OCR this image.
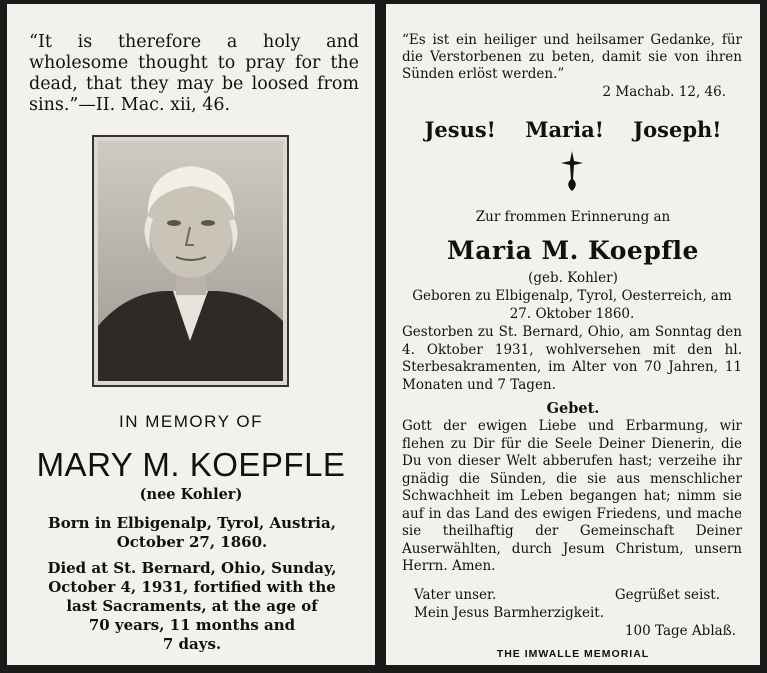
“It is therefore a holy and wholesome thought to pray for the dead, that they may be loosed from sins.”—II. Mac. xii, 46.
IN MEMORY OF
MARY M. KOEPFLE
(nee Kohler)
Born in Elbigenalp, Tyrol, Austria,
October 27, 1860.
Died at St. Bernard, Ohio, Sunday,
October 4, 1931, fortified with the
last Sacraments, at the age of
70 years, 11 months and
7 days.
“Es ist ein heiliger und heilsamer Gedanke, für die Verstorbenen zu beten, damit sie von ihren Sünden erlöst werden.”
2 Machab. 12, 46.
Jesus! Maria! Joseph!
Zur frommen Erinnerung an
Maria M. Koepfle
(geb. Kohler)
Geboren zu Elbigenalp, Tyrol, Oesterreich, am 27. Oktober 1860.
Gestorben zu St. Bernard, Ohio, am Sonntag den 4. Oktober 1931, wohlversehen mit den hl. Sterbesakramenten, im Alter von 70 Jahren, 11 Monaten und 7 Tagen.
Gebet.
Gott der ewigen Liebe und Erbarmung, wir flehen zu Dir für die Seele Deiner Dienerin, die Du von dieser Welt abberufen hast; verzeihe ihr gnädig die Sünden, die sie aus menschlicher Schwachheit im Leben begangen hat; nimm sie auf in das Land des ewigen Friedens, und mache sie theilhaftig der Gemeinschaft Deiner Auserwählten, durch Jesum Christum, unsern Herrn. Amen.
Vater unser.	Gegrüßet seist.
Mein Jesus Barmherzigkeit.
100 Tage Ablaß.
THE IMWALLE MEMORIAL
